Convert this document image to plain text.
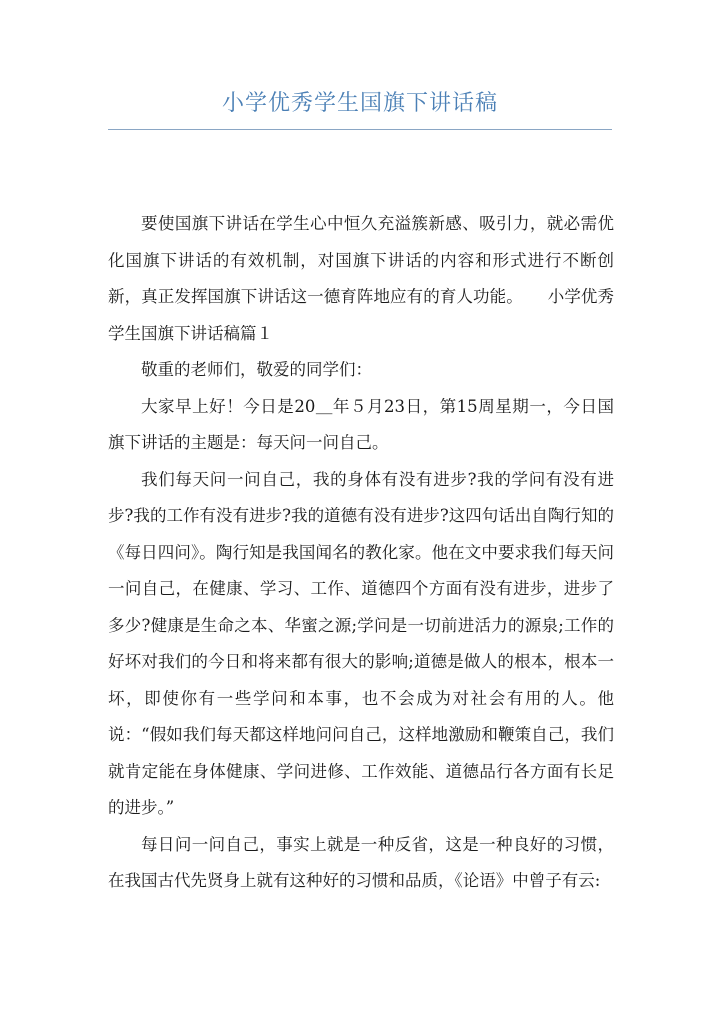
小学优秀学生国旗下讲话稿

要使国旗下讲话在学生心中恒久充溢簇新感、吸引力，就必需优化国旗下讲话的有效机制，对国旗下讲话的内容和形式进行不断创新，真正发挥国旗下讲话这一德育阵地应有的育人功能。　　小学优秀学生国旗下讲话稿篇１

敬重的老师们，敬爱的同学们：

大家早上好！今日是20＿年５月23日，第15周星期一，今日国旗下讲话的主题是：每天问一问自己。

我们每天问一问自己，我的身体有没有进步?我的学问有没有进步?我的工作有没有进步?我的道德有没有进步?这四句话出自陶行知的《每日四问》。陶行知是我国闻名的教化家。他在文中要求我们每天问一问自己，在健康、学习、工作、道德四个方面有没有进步，进步了多少?健康是生命之本、华蜜之源;学问是一切前进活力的源泉;工作的好坏对我们的今日和将来都有很大的影响;道德是做人的根本，根本一坏，即使你有一些学问和本事，也不会成为对社会有用的人。他说：“假如我们每天都这样地问问自己，这样地激励和鞭策自己，我们就肯定能在身体健康、学问进修、工作效能、道德品行各方面有长足的进步。”

每日问一问自己，事实上就是一种反省，这是一种良好的习惯，在我国古代先贤身上就有这种好的习惯和品质，《论语》中曾子有云:
